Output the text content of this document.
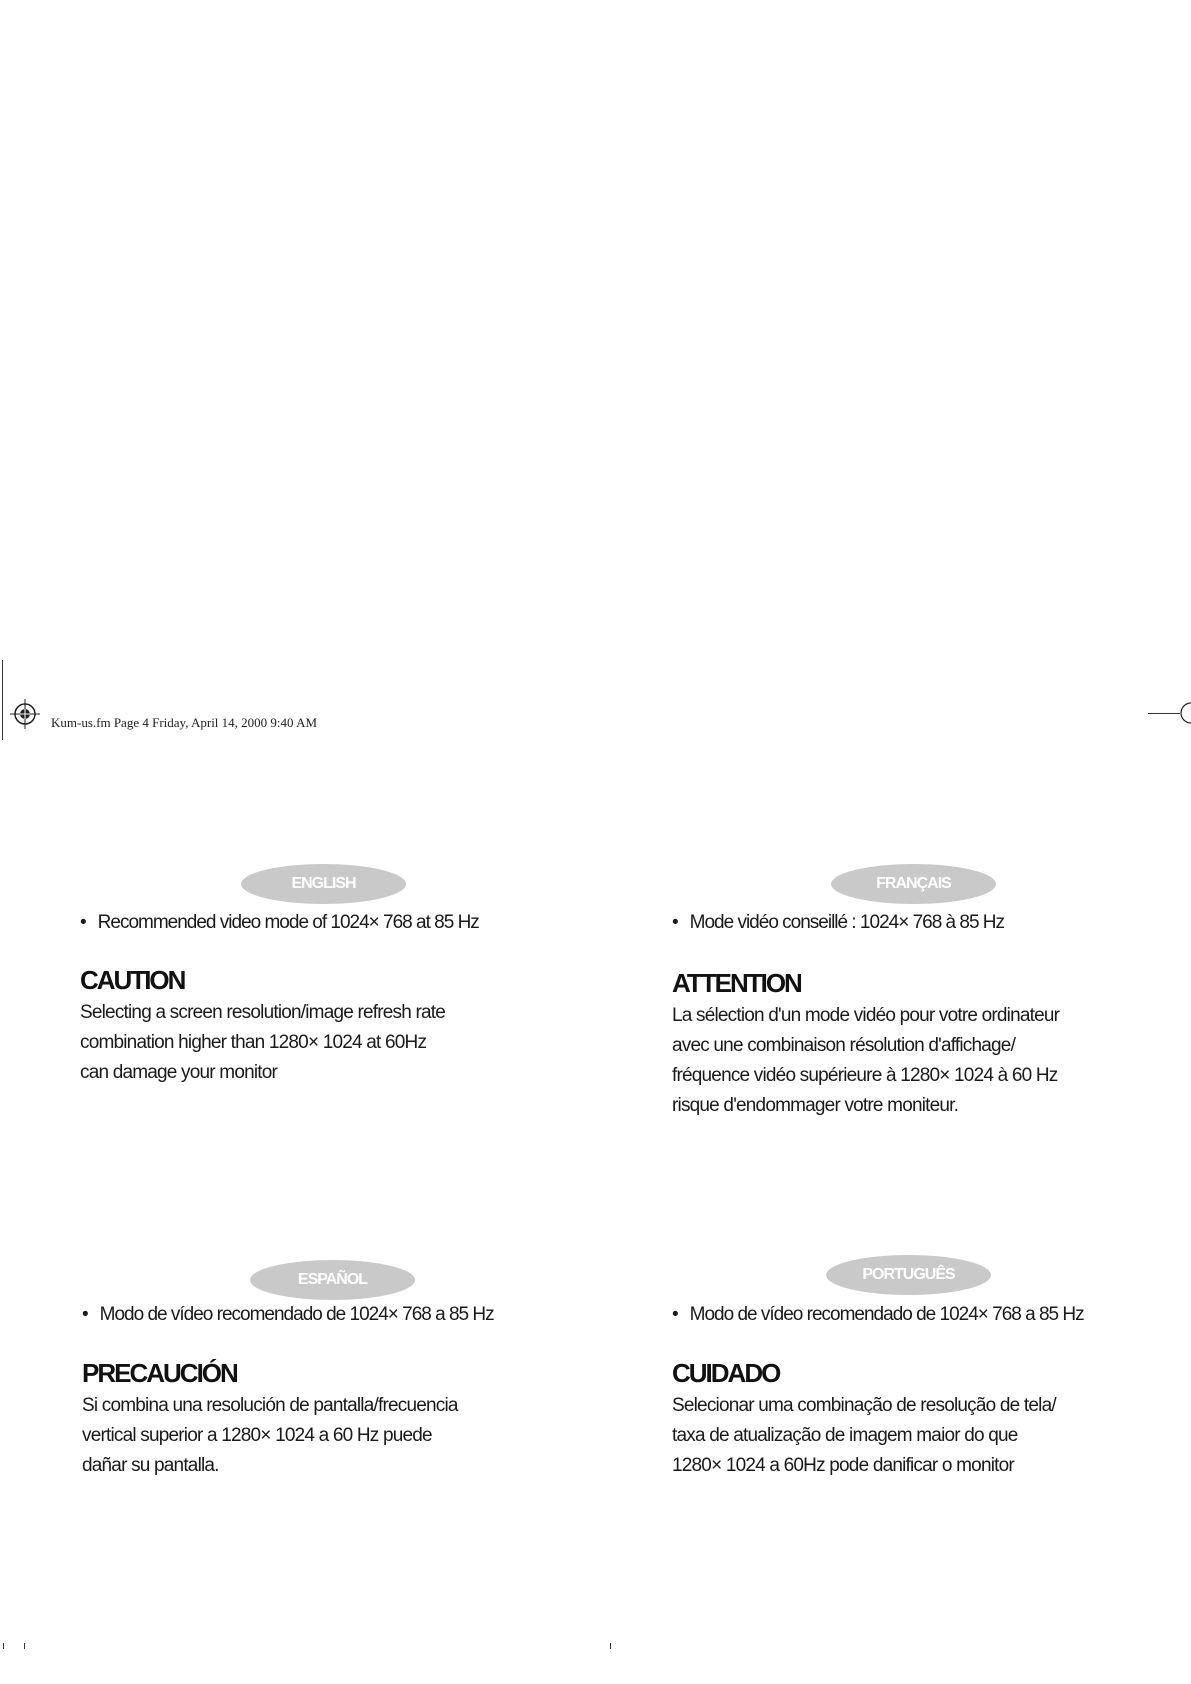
Kum-us.fm Page 4 Friday, April 14, 2000 9:40 AM
ENGLISH
• Recommended video mode of 1024× 768 at 85 Hz
CAUTION
Selecting a screen resolution/image refresh rate
combination higher than 1280× 1024 at 60Hz
can damage your monitor
FRANÇAIS
• Mode vidéo conseillé : 1024× 768 à 85 Hz
ATTENTION
La sélection d'un mode vidéo pour votre ordinateur
avec une combinaison résolution d'affichage/
fréquence vidéo supérieure à 1280× 1024 à 60 Hz
risque d'endommager votre moniteur.
ESPAÑOL
• Modo de vídeo recomendado de 1024× 768 a 85 Hz
PRECAUCIÓN
Si combina una resolución de pantalla/frecuencia
vertical superior a 1280× 1024 a 60 Hz puede
dañar su pantalla.
PORTUGUÊS
• Modo de vídeo recomendado de 1024× 768 a 85 Hz
CUIDADO
Selecionar uma combinação de resolução de tela/
taxa de atualização de imagem maior do que
1280× 1024 a 60Hz pode danificar o monitor
